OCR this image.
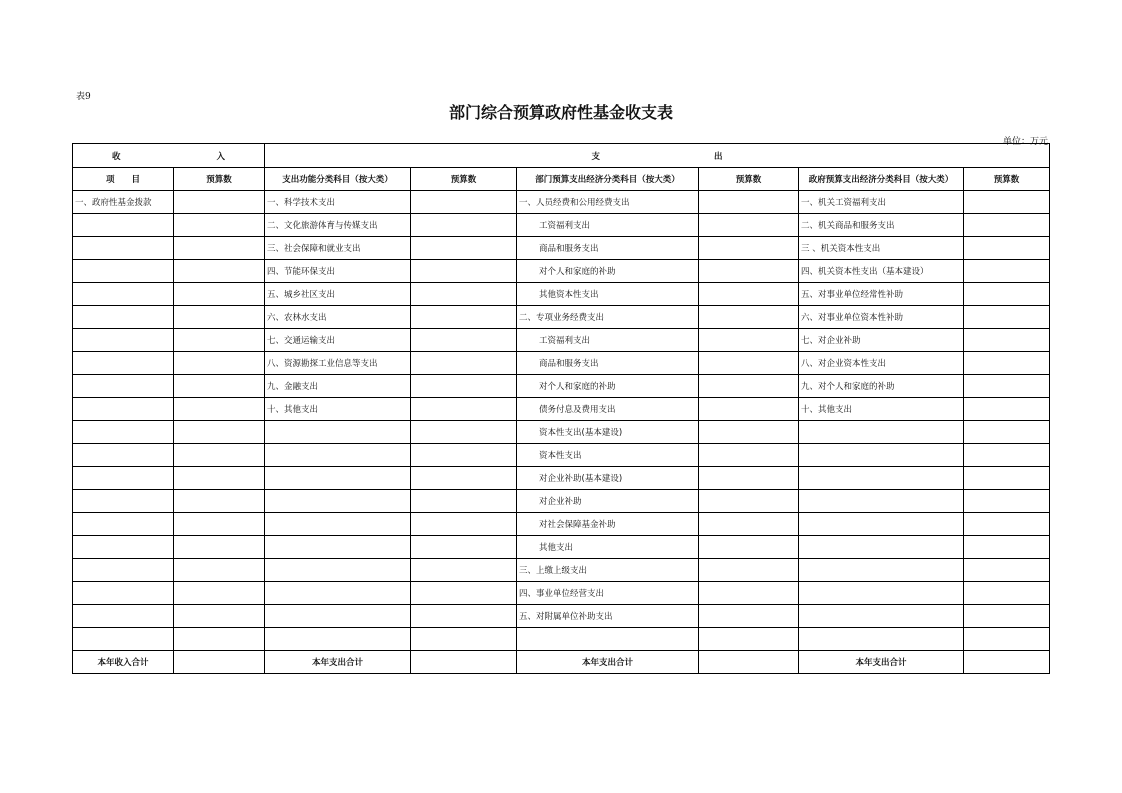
表9
部门综合预算政府性基金收支表
单位：万元
收 入		支 出					

项　　目	预算数	支出功能分类科目（按大类）	预算数	部门预算支出经济分类科目（按大类）	预算数	政府预算支出经济分类科目（按大类）	预算数
一、政府性基金拨款		一、科学技术支出		一、人员经费和公用经费支出		一、机关工资福利支出	
		二、文化旅游体育与传媒支出		工资福利支出		二、机关商品和服务支出	
		三、社会保障和就业支出		商品和服务支出		三 、机关资本性支出	
		四、节能环保支出		对个人和家庭的补助		四、机关资本性支出（基本建设）	
		五、城乡社区支出		其他资本性支出		五、对事业单位经常性补助	
		六、农林水支出		二、专项业务经费支出		六、对事业单位资本性补助	
		七、交通运输支出		工资福利支出		七、对企业补助	
		八、资源勘探工业信息等支出		商品和服务支出		八、对企业资本性支出	
		九、金融支出		对个人和家庭的补助		九、对个人和家庭的补助	
		十、其他支出		债务付息及费用支出		十、其他支出	
				资本性支出(基本建设)			
				资本性支出			
				对企业补助(基本建设)			
				对企业补助			
				对社会保障基金补助			
				其他支出			
				三、上缴上级支出			
				四、事业单位经营支出			
				五、对附属单位补助支出			

本年收入合计		本年支出合计		本年支出合计		本年支出合计	
